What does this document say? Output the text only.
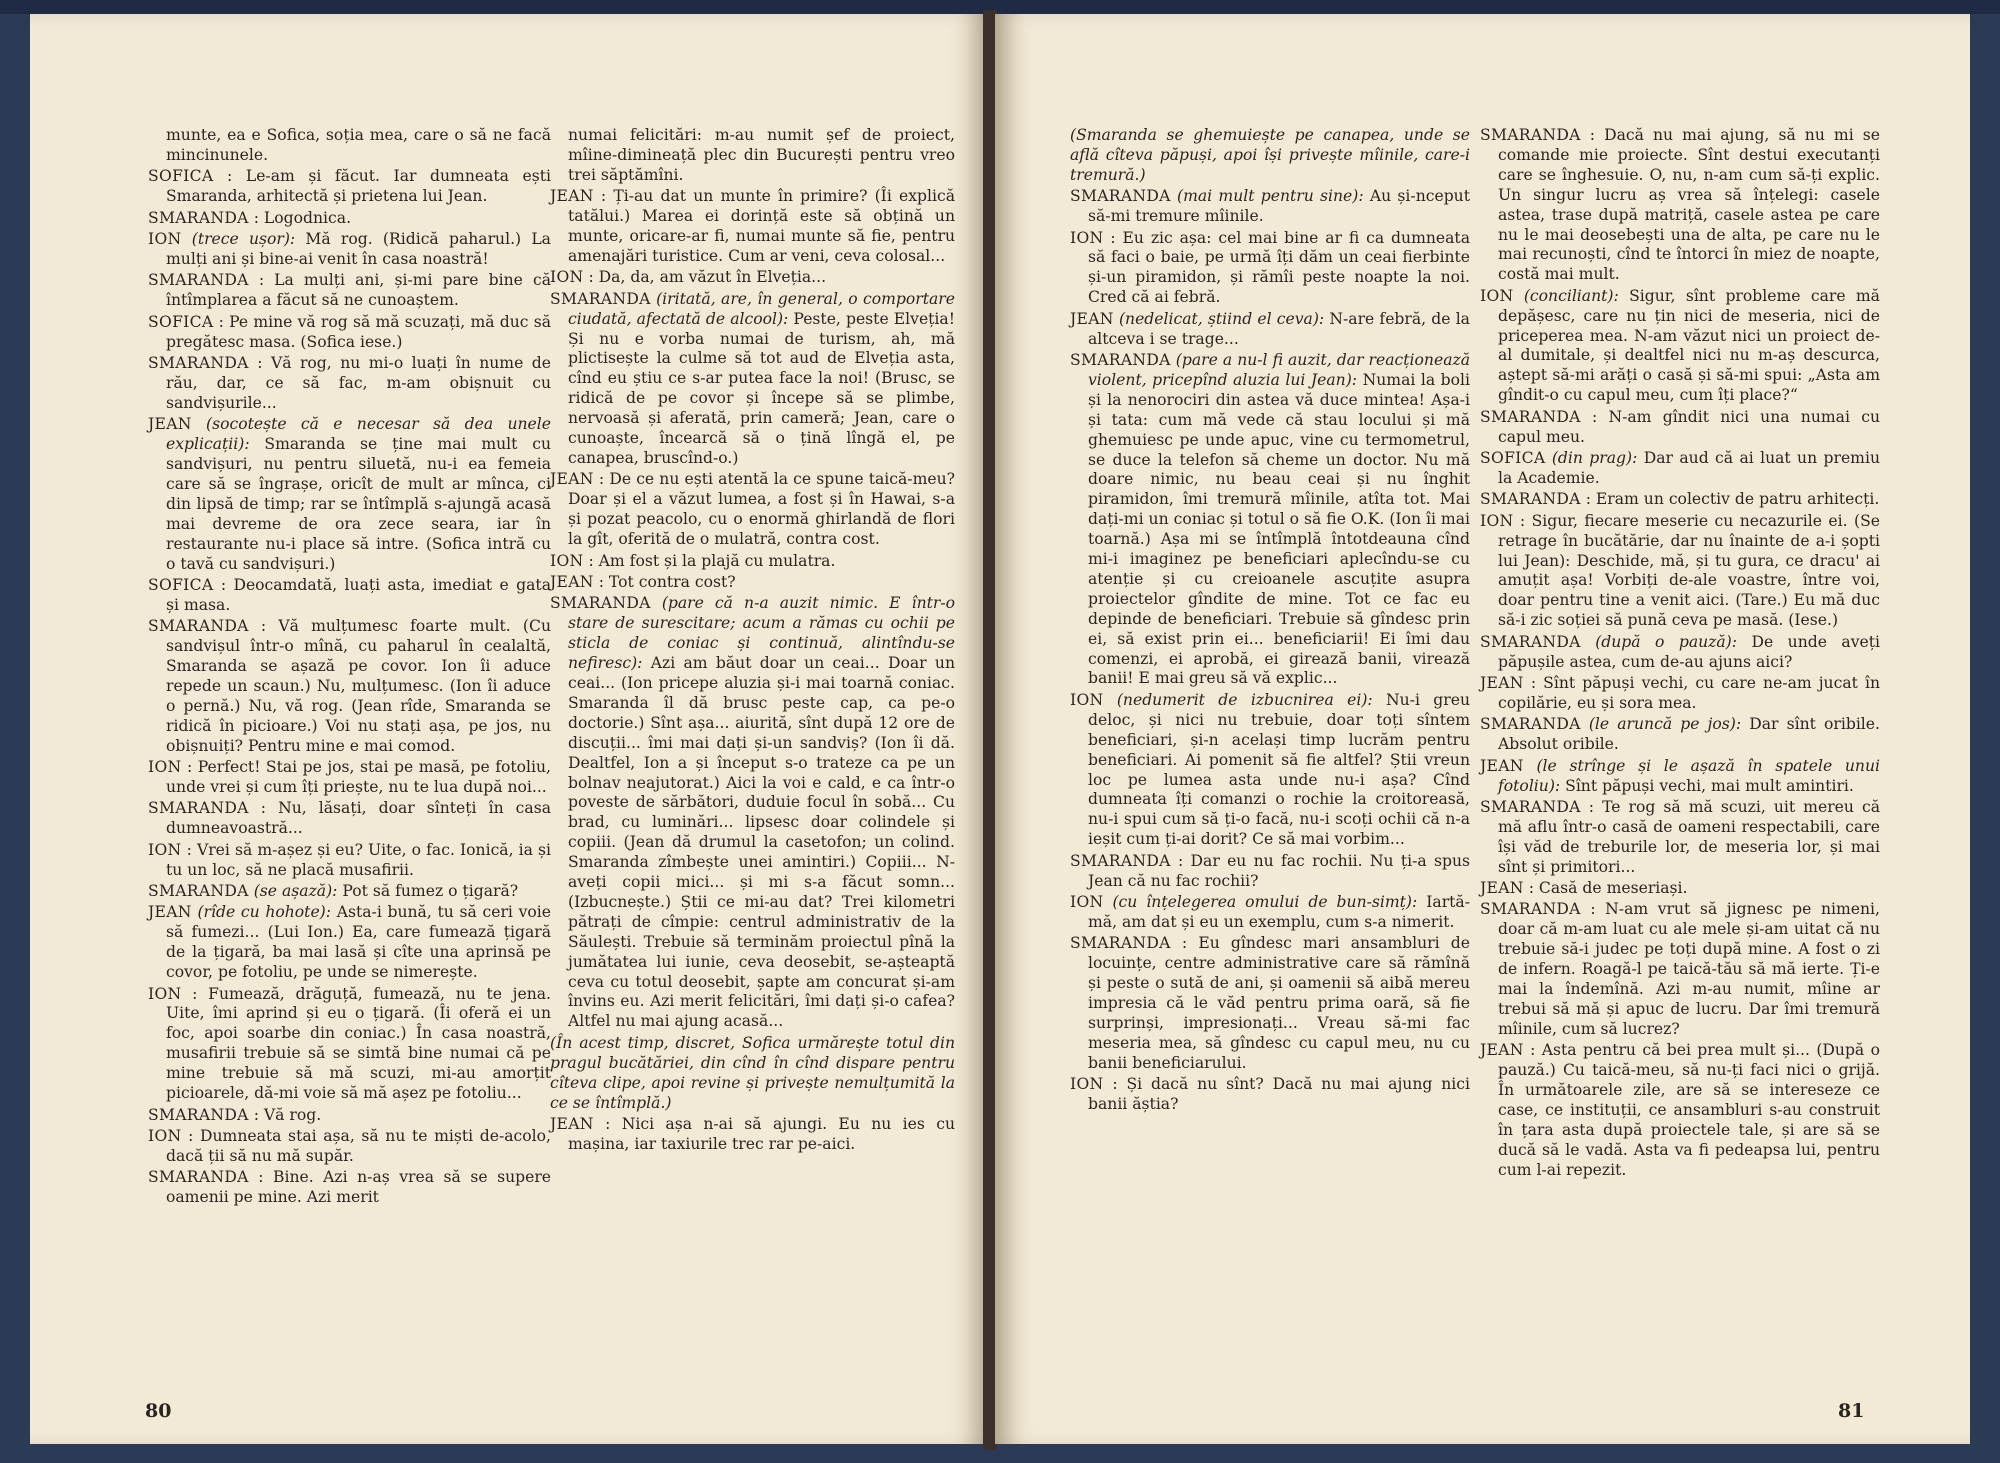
munte, ea e Sofica, soția mea, care o să ne facă mincinunele.

SOFICA : Le-am și făcut. Iar dumneata ești Smaranda, arhitectă și prietena lui Jean.

SMARANDA : Logodnica.

ION (trece ușor): Mă rog. (Ridică paharul.) La mulți ani și bine-ai venit în casa noastră!

SMARANDA : La mulți ani, și-mi pare bine că întîmplarea a făcut să ne cunoaștem.

SOFICA : Pe mine vă rog să mă scuzați, mă duc să pregătesc masa. (Sofica iese.)

SMARANDA : Vă rog, nu mi-o luați în nume de rău, dar, ce să fac, m-am obișnuit cu sandvișurile...

JEAN (socotește că e necesar să dea unele explicații): Smaranda se ține mai mult cu sandvișuri, nu pentru siluetă, nu-i ea femeia care să se îngrașe, oricît de mult ar mînca, ci din lipsă de timp; rar se întîmplă s-ajungă acasă mai devreme de ora zece seara, iar în restaurante nu-i place să intre. (Sofica intră cu o tavă cu sandvișuri.)

SOFICA : Deocamdată, luați asta, imediat e gata și masa.

SMARANDA : Vă mulțumesc foarte mult. (Cu sandvișul într-o mînă, cu paharul în cealaltă, Smaranda se așază pe covor. Ion îi aduce repede un scaun.) Nu, mulțumesc. (Ion îi aduce o pernă.) Nu, vă rog. (Jean rîde, Smaranda se ridică în picioare.) Voi nu stați așa, pe jos, nu obișnuiți? Pentru mine e mai comod.

ION : Perfect! Stai pe jos, stai pe masă, pe fotoliu, unde vrei și cum îți priește, nu te lua după noi...

SMARANDA : Nu, lăsați, doar sînteți în casa dumneavoastră...

ION : Vrei să m-așez și eu? Uite, o fac. Ionică, ia și tu un loc, să ne placă musafirii.

SMARANDA (se așază): Pot să fumez o țigară?

JEAN (rîde cu hohote): Asta-i bună, tu să ceri voie să fumezi... (Lui Ion.) Ea, care fumează țigară de la țigară, ba mai lasă și cîte una aprinsă pe covor, pe fotoliu, pe unde se nimerește.

ION : Fumează, drăguță, fumează, nu te jena. Uite, îmi aprind și eu o țigară. (Îi oferă ei un foc, apoi soarbe din coniac.) În casa noastră, musafirii trebuie să se simtă bine numai că pe mine trebuie să mă scuzi, mi-au amorțit picioarele, dă-mi voie să mă așez pe fotoliu...

SMARANDA : Vă rog.

ION : Dumneata stai așa, să nu te miști de-acolo, dacă ții să nu mă supăr.

SMARANDA : Bine. Azi n-aș vrea să se supere oamenii pe mine. Azi merit

numai felicitări: m-au numit șef de proiect, mîine-dimineață plec din București pentru vreo trei săptămîni.

JEAN : Ți-au dat un munte în primire? (Îi explică tatălui.) Marea ei dorință este să obțină un munte, oricare-ar fi, numai munte să fie, pentru amenajări turistice. Cum ar veni, ceva colosal...

ION : Da, da, am văzut în Elveția...

SMARANDA (iritată, are, în general, o comportare ciudată, afectată de alcool): Peste, peste Elveția! Și nu e vorba numai de turism, ah, mă plictisește la culme să tot aud de Elveția asta, cînd eu știu ce s-ar putea face la noi! (Brusc, se ridică de pe covor și începe să se plimbe, nervoasă și aferată, prin cameră; Jean, care o cunoaște, încearcă să o țină lîngă el, pe canapea, bruscînd-o.)

JEAN : De ce nu ești atentă la ce spune taică-meu? Doar și el a văzut lumea, a fost și în Hawai, s-a și pozat peacolo, cu o enormă ghirlandă de flori la gît, oferită de o mulatră, contra cost.

ION : Am fost și la plajă cu mulatra.

JEAN : Tot contra cost?

SMARANDA (pare că n-a auzit nimic. E într-o stare de surescitare; acum a rămas cu ochii pe sticla de coniac și continuă, alintîndu-se nefiresc): Azi am băut doar un ceai... Doar un ceai... (Ion pricepe aluzia și-i mai toarnă coniac. Smaranda îl dă brusc peste cap, ca pe-o doctorie.) Sînt așa... aiurită, sînt după 12 ore de discuții... îmi mai dați și-un sandviș? (Ion îi dă. Dealtfel, Ion a și început s-o trateze ca pe un bolnav neajutorat.) Aici la voi e cald, e ca într-o poveste de sărbători, duduie focul în sobă... Cu brad, cu luminări... lipsesc doar colindele și copiii. (Jean dă drumul la casetofon; un colind. Smaranda zîmbește unei amintiri.) Copiii... N-aveți copii mici... și mi s-a făcut somn... (Izbucnește.) Știi ce mi-au dat? Trei kilometri pătrați de cîmpie: centrul administrativ de la Săulești. Trebuie să terminăm proiectul pînă la jumătatea lui iunie, ceva deosebit, se-așteaptă ceva cu totul deosebit, șapte am concurat și-am învins eu. Azi merit felicitări, îmi dați și-o cafea? Altfel nu mai ajung acasă...

(În acest timp, discret, Sofica urmărește totul din pragul bucătăriei, din cînd în cînd dispare pentru cîteva clipe, apoi revine și privește nemulțumită la ce se întîmplă.)

JEAN : Nici așa n-ai să ajungi. Eu nu ies cu mașina, iar taxiurile trec rar pe-aici.

80

(Smaranda se ghemuiește pe canapea, unde se află cîteva păpuși, apoi își privește mîinile, care-i tremură.)

SMARANDA (mai mult pentru sine): Au și-nceput să-mi tremure mîinile.

ION : Eu zic așa: cel mai bine ar fi ca dumneata să faci o baie, pe urmă îți dăm un ceai fierbinte și-un piramidon, și rămîi peste noapte la noi. Cred că ai febră.

JEAN (nedelicat, știind el ceva): N-are febră, de la altceva i se trage...

SMARANDA (pare a nu-l fi auzit, dar reacționează violent, pricepînd aluzia lui Jean): Numai la boli și la nenorociri din astea vă duce mintea! Așa-i și tata: cum mă vede că stau locului și mă ghemuiesc pe unde apuc, vine cu termometrul, se duce la telefon să cheme un doctor. Nu mă doare nimic, nu beau ceai și nu înghit piramidon, îmi tremură mîinile, atîta tot. Mai dați-mi un coniac și totul o să fie O.K. (Ion îi mai toarnă.) Așa mi se întîmplă întotdeauna cînd mi-i imaginez pe beneficiari aplecîndu-se cu atenție și cu creioanele ascuțite asupra proiectelor gîndite de mine. Tot ce fac eu depinde de beneficiari. Trebuie să gîndesc prin ei, să exist prin ei... beneficiarii! Ei îmi dau comenzi, ei aprobă, ei girează banii, virează banii! E mai greu să vă explic...

ION (nedumerit de izbucnirea ei): Nu-i greu deloc, și nici nu trebuie, doar toți sîntem beneficiari, și-n același timp lucrăm pentru beneficiari. Ai pomenit să fie altfel? Știi vreun loc pe lumea asta unde nu-i așa? Cînd dumneata îți comanzi o rochie la croitoreasă, nu-i spui cum să ți-o facă, nu-i scoți ochii că n-a ieșit cum ți-ai dorit? Ce să mai vorbim...

SMARANDA : Dar eu nu fac rochii. Nu ți-a spus Jean că nu fac rochii?

ION (cu înțelegerea omului de bun-simț): Iartă-mă, am dat și eu un exemplu, cum s-a nimerit.

SMARANDA : Eu gîndesc mari ansambluri de locuințe, centre administrative care să rămînă și peste o sută de ani, și oamenii să aibă mereu impresia că le văd pentru prima oară, să fie surprinși, impresionați... Vreau să-mi fac meseria mea, să gîndesc cu capul meu, nu cu banii beneficiarului.

ION : Și dacă nu sînt? Dacă nu mai ajung nici banii ăștia?

SMARANDA : Dacă nu mai ajung, să nu mi se comande mie proiecte. Sînt destui executanți care se înghesuie. O, nu, n-am cum să-ți explic. Un singur lucru aș vrea să înțelegi: casele astea, trase după matriță, casele astea pe care nu le mai deosebești una de alta, pe care nu le mai recunoști, cînd te întorci în miez de noapte, costă mai mult.

ION (conciliant): Sigur, sînt probleme care mă depășesc, care nu țin nici de meseria, nici de priceperea mea. N-am văzut nici un proiect de-al dumitale, și dealtfel nici nu m-aș descurca, aștept să-mi arăți o casă și să-mi spui: „Asta am gîndit-o cu capul meu, cum îți place?“

SMARANDA : N-am gîndit nici una numai cu capul meu.

SOFICA (din prag): Dar aud că ai luat un premiu la Academie.

SMARANDA : Eram un colectiv de patru arhitecți.

ION : Sigur, fiecare meserie cu necazurile ei. (Se retrage în bucătărie, dar nu înainte de a-i șopti lui Jean): Deschide, mă, și tu gura, ce dracu' ai amuțit așa! Vorbiți de-ale voastre, între voi, doar pentru tine a venit aici. (Tare.) Eu mă duc să-i zic soției să pună ceva pe masă. (Iese.)

SMARANDA (după o pauză): De unde aveți păpușile astea, cum de-au ajuns aici?

JEAN : Sînt păpuși vechi, cu care ne-am jucat în copilărie, eu și sora mea.

SMARANDA (le aruncă pe jos): Dar sînt oribile. Absolut oribile.

JEAN (le strînge și le așază în spatele unui fotoliu): Sînt păpuși vechi, mai mult amintiri.

SMARANDA : Te rog să mă scuzi, uit mereu că mă aflu într-o casă de oameni respectabili, care își văd de treburile lor, de meseria lor, și mai sînt și primitori...

JEAN : Casă de meseriași.

SMARANDA : N-am vrut să jignesc pe nimeni, doar că m-am luat cu ale mele și-am uitat că nu trebuie să-i judec pe toți după mine. A fost o zi de infern. Roagă-l pe taică-tău să mă ierte. Ți-e mai la îndemînă. Azi m-au numit, mîine ar trebui să mă și apuc de lucru. Dar îmi tremură mîinile, cum să lucrez?

JEAN : Asta pentru că bei prea mult și... (După o pauză.) Cu taică-meu, să nu-ți faci nici o grijă. În următoarele zile, are să se intereseze ce case, ce instituții, ce ansambluri s-au construit în țara asta după proiectele tale, și are să se ducă să le vadă. Asta va fi pedeapsa lui, pentru cum l-ai repezit.

81
